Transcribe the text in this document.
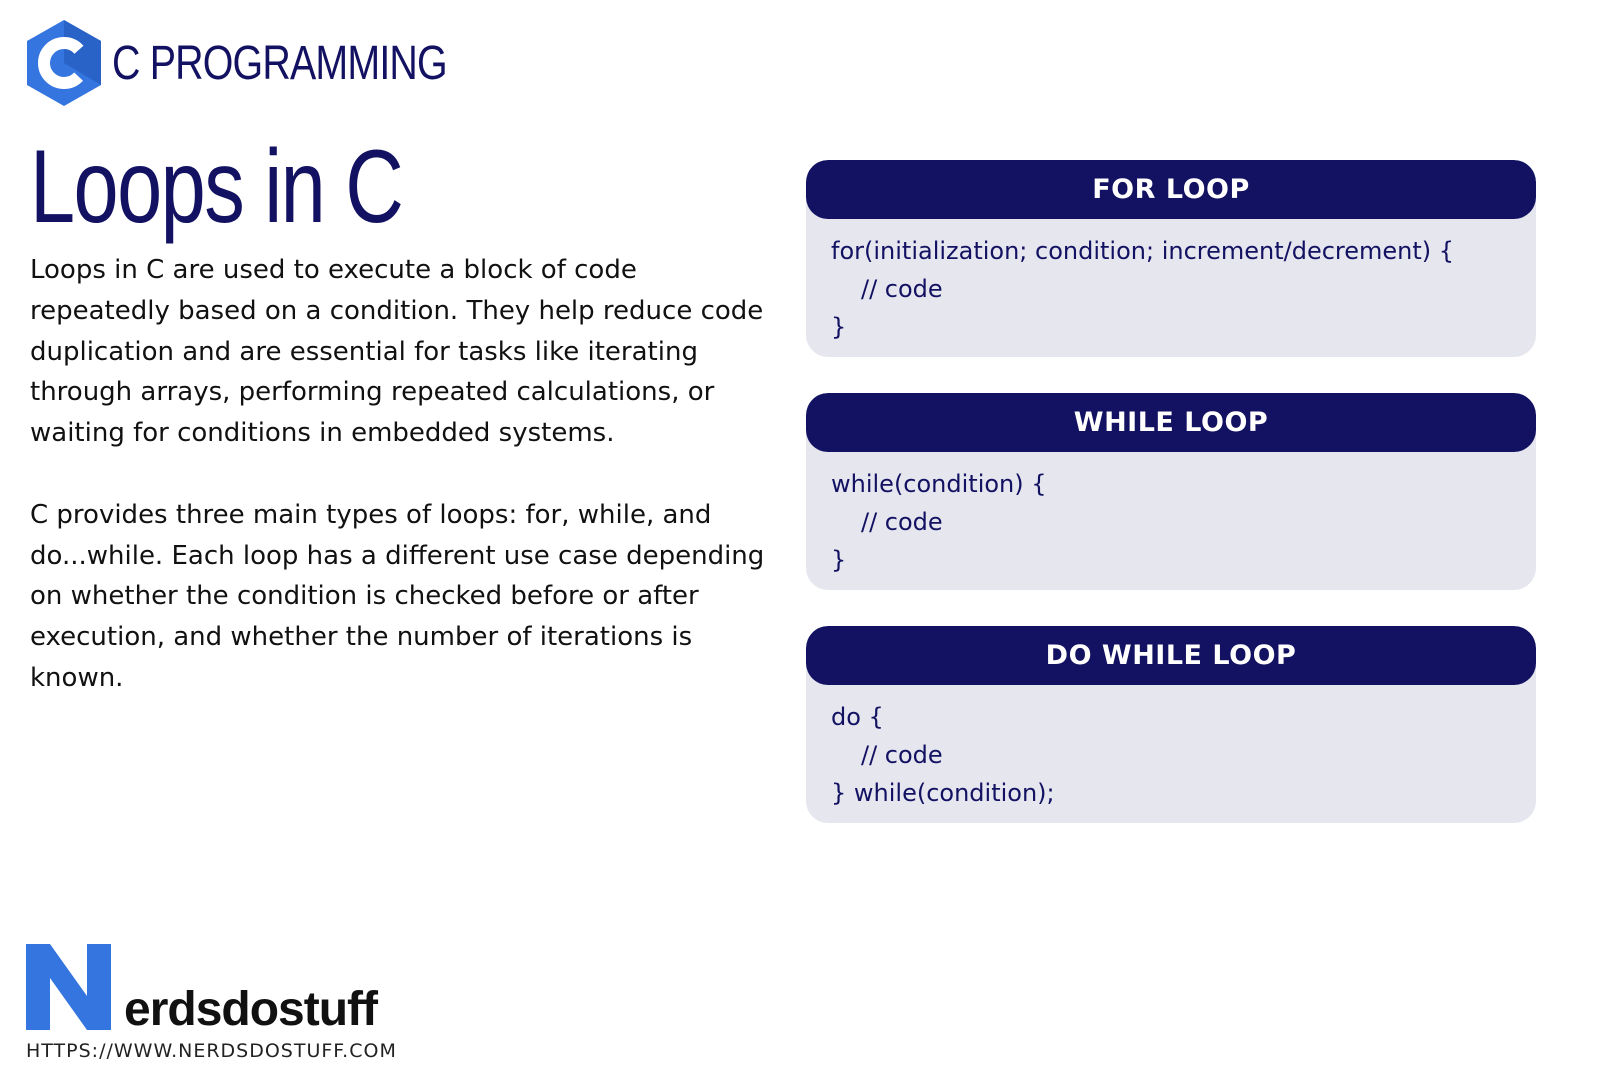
C PROGRAMMING
Loops in C

Loops in C are used to execute a block of code repeatedly based on a condition. They help reduce code duplication and are essential for tasks like iterating through arrays, performing repeated calculations, or waiting for conditions in embedded systems.

C provides three main types of loops: for, while, and do...while. Each loop has a different use case depending on whether the condition is checked before or after execution, and whether the number of iterations is known.

FOR LOOP
for(initialization; condition; increment/decrement) {
// code
}
WHILE LOOP
while(condition) {
// code
}
DO WHILE LOOP
do {
// code
} while(condition);
erdsdostuff
HTTPS://WWW.NERDSDOSTUFF.COM
